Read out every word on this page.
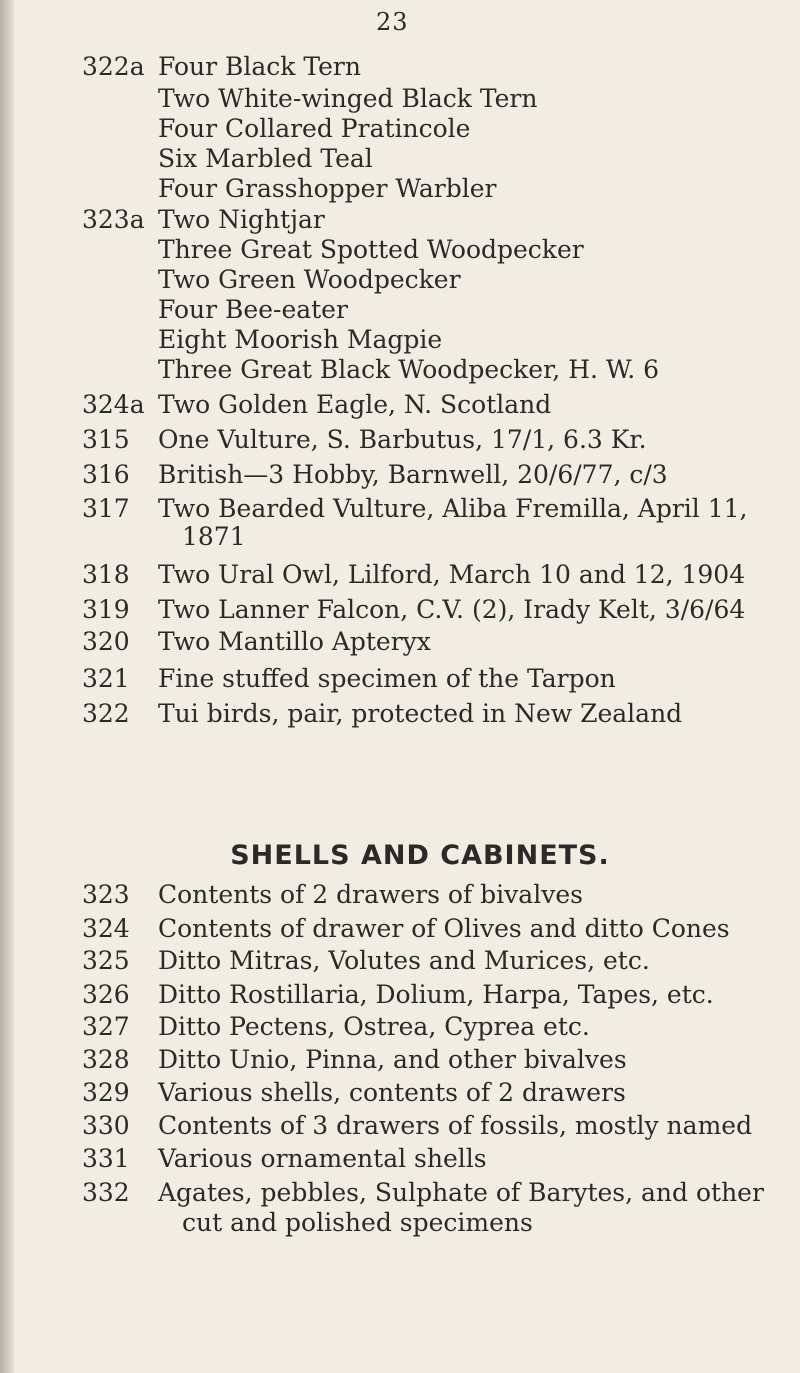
23
322a Four Black Tern
Two White-winged Black Tern
Four Collared Pratincole
Six Marbled Teal
Four Grasshopper Warbler
323a Two Nightjar
Three Great Spotted Woodpecker
Two Green Woodpecker
Four Bee-eater
Eight Moorish Magpie
Three Great Black Woodpecker, H. W. 6
324a Two Golden Eagle, N. Scotland
315	One Vulture, S. Barbutus, 17/1, 6.3 Kr.
316	British—3 Hobby, Barnwell, 20/6/77, c/3
317	Two Bearded Vulture, Aliba Fremilla, April 11,
1871
318	Two Ural Owl, Lilford, March 10 and 12, 1904
319	Two Lanner Falcon, C.V. (2), Irady Kelt, 3/6/64
320	Two Mantillo Apteryx
321	Fine stuffed specimen of the Tarpon
322	Tui birds, pair, protected in New Zealand
323	Contents of 2 drawers of bivalves
324	Contents of drawer of Olives and ditto Cones
325	Ditto Mitras, Volutes and Murices, etc.
326	Ditto Rostillaria, Dolium, Harpa, Tapes, etc.
327	Ditto Pectens, Ostrea, Cyprea etc.
328	Ditto Unio, Pinna, and other bivalves
329	Various shells, contents of 2 drawers
330	Contents of 3 drawers of fossils, mostly named
331	Various ornamental shells
332	Agates, pebbles, Sulphate of Barytes, and other
cut and polished specimens
SHELLS AND CABINETS.
